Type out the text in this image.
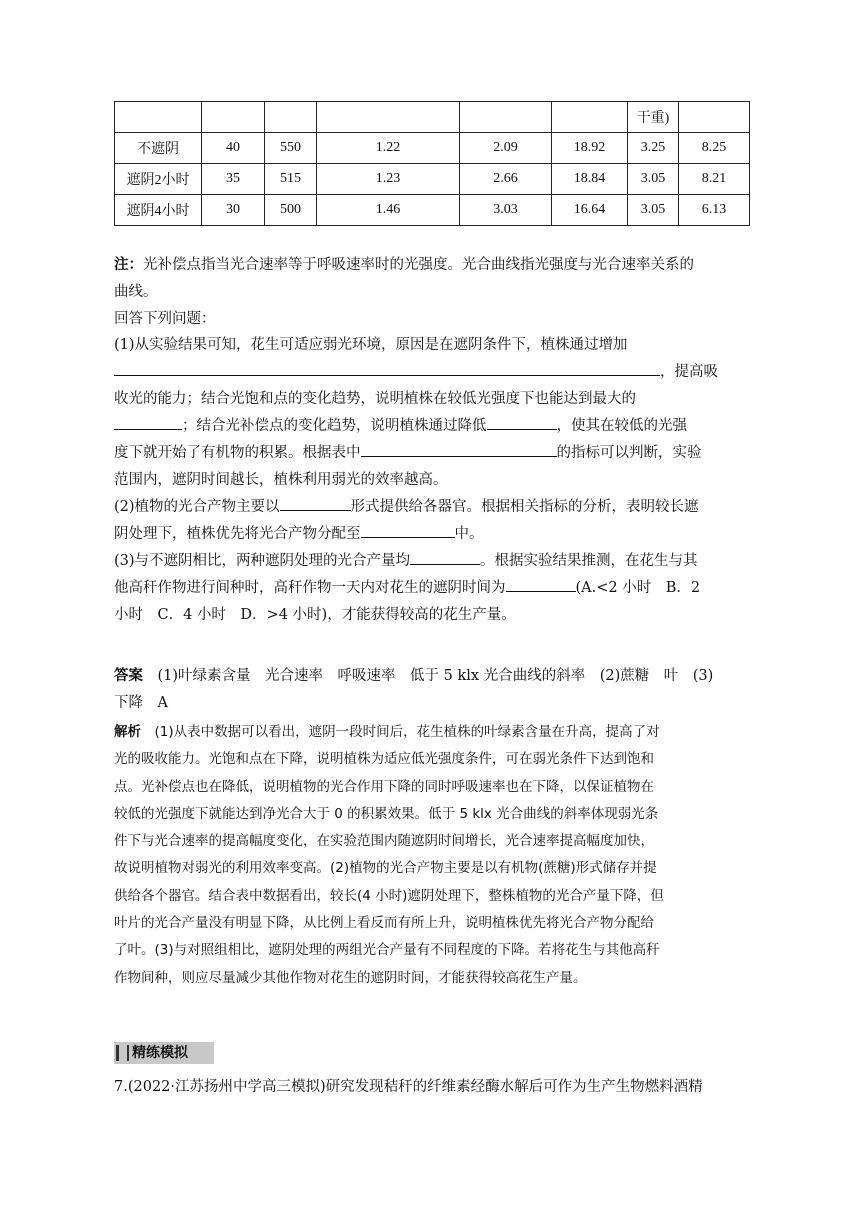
						干重)	
不遮阴	40	550	1.22	2.09	18.92	3.25	8.25
遮阴2小时	35	515	1.23	2.66	18.84	3.05	8.21
遮阴4小时	30	500	1.46	3.03	16.64	3.05	6.13
注：光补偿点指当光合速率等于呼吸速率时的光强度。光合曲线指光强度与光合速率关系的
曲线。
回答下列问题：
(1)从实验结果可知，花生可适应弱光环境，原因是在遮阴条件下，植株通过增加
，提高吸
收光的能力；结合光饱和点的变化趋势，说明植株在较低光强度下也能达到最大的
；结合光补偿点的变化趋势，说明植株通过降低	，使其在较低的光强
度下就开始了有机物的积累。根据表中	的指标可以判断，实验
范围内，遮阴时间越长，植株利用弱光的效率越高。
(2)植物的光合产物主要以	形式提供给各器官。根据相关指标的分析，表明较长遮
阴处理下，植株优先将光合产物分配至	中。
(3)与不遮阴相比，两种遮阴处理的光合产量均	。根据实验结果推测，在花生与其
他高秆作物进行间种时，高秆作物一天内对花生的遮阴时间为	(A.<2 小时　B．2
小时　C．4 小时　D．>4 小时)，才能获得较高的花生产量。
答案　 (1)叶绿素含量　光合速率　呼吸速率　低于 5 klx 光合曲线的斜率　(2)蔗糖　叶　(3)
下降　A
解析　 (1)从表中数据可以看出，遮阴一段时间后，花生植株的叶绿素含量在升高，提高了对
光的吸收能力。光饱和点在下降，说明植株为适应低光强度条件，可在弱光条件下达到饱和
点。光补偿点也在降低，说明植物的光合作用下降的同时呼吸速率也在下降，以保证植物在
较低的光强度下就能达到净光合大于 0 的积累效果。低于 5 klx 光合曲线的斜率体现弱光条
件下与光合速率的提高幅度变化，在实验范围内随遮阴时间增长，光合速率提高幅度加快，
故说明植物对弱光的利用效率变高。(2)植物的光合产物主要是以有机物(蔗糖)形式储存并提
供给各个器官。结合表中数据看出，较长(4 小时)遮阴处理下，整株植物的光合产量下降，但
叶片的光合产量没有明显下降，从比例上看反而有所上升，说明植株优先将光合产物分配给
了叶。(3)与对照组相比，遮阴处理的两组光合产量有不同程度的下降。若将花生与其他高秆
作物间种，则应尽量减少其他作物对花生的遮阴时间，才能获得较高花生产量。
精练模拟
7.(2022·江苏扬州中学高三模拟)研究发现秸秆的纤维素经酶水解后可作为生产生物燃料酒精
